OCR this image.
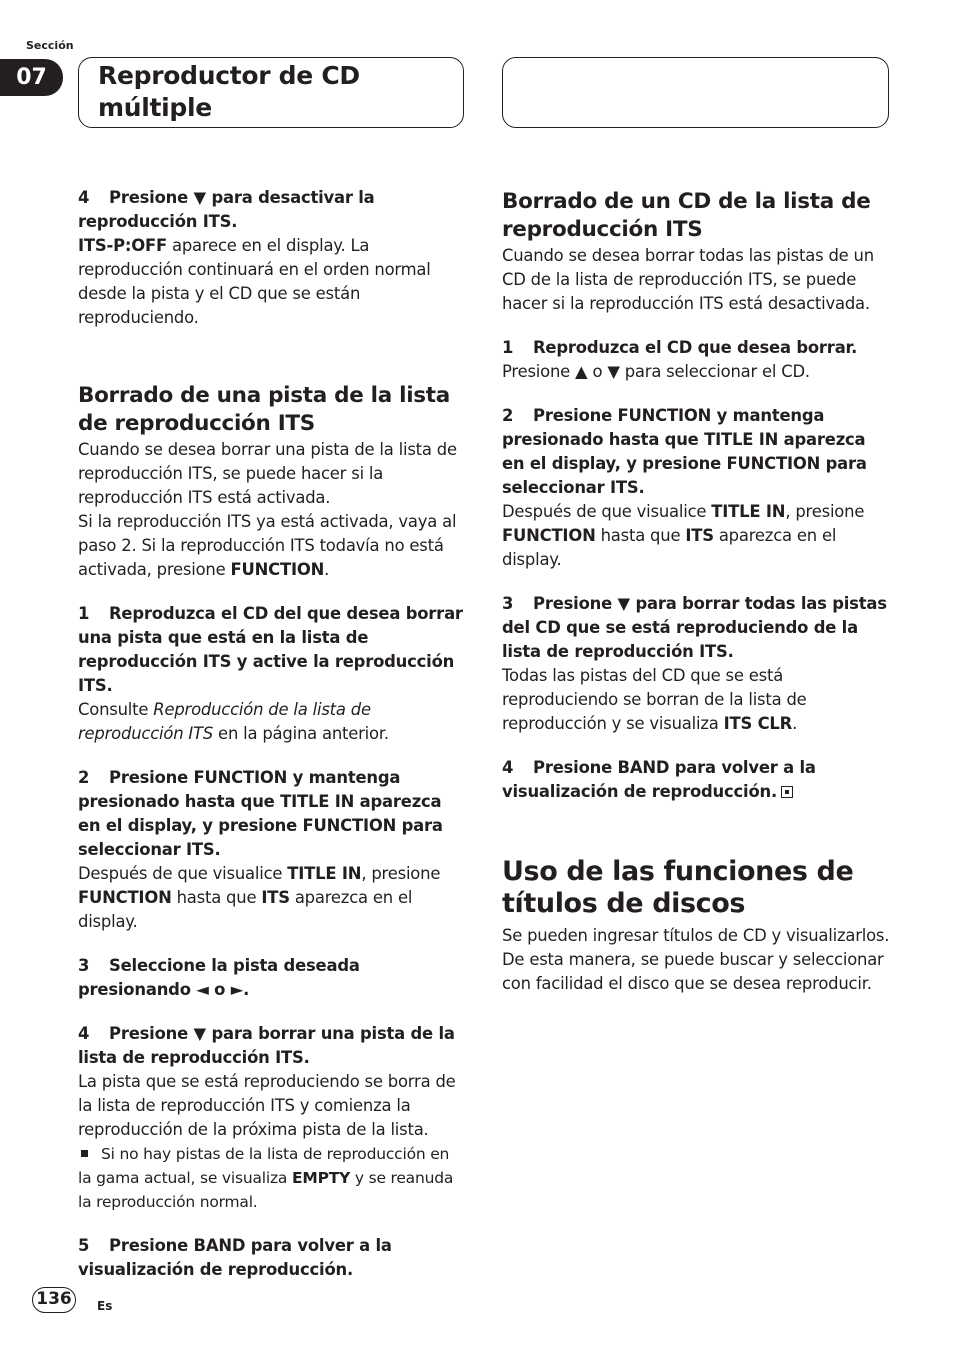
Sección
07	Reproductor de CD múltiple

4 Presione ▼ para desactivar la reproducción ITS.

ITS-P:OFF aparece en el display. La reproducción continuará en el orden normal desde la pista y el CD que se están reproduciendo.

Borrado de una pista de la lista de reproducción ITS

Cuando se desea borrar una pista de la lista de reproducción ITS, se puede hacer si la reproducción ITS está activada.

Si la reproducción ITS ya está activada, vaya al paso 2. Si la reproducción ITS todavía no está activada, presione FUNCTION.

1 Reproduzca el CD del que desea borrar una pista que está en la lista de reproducción ITS y active la reproducción ITS.

Consulte Reproducción de la lista de reproducción ITS en la página anterior.

2 Presione FUNCTION y mantenga presionado hasta que TITLE IN aparezca en el display, y presione FUNCTION para seleccionar ITS.

Después de que visualice TITLE IN, presione FUNCTION hasta que ITS aparezca en el display.

3 Seleccione la pista deseada presionando ◄ o ►.

4 Presione ▼ para borrar una pista de la lista de reproducción ITS.

La pista que se está reproduciendo se borra de la lista de reproducción ITS y comienza la reproducción de la próxima pista de la lista.

Si no hay pistas de la lista de reproducción en la gama actual, se visualiza EMPTY y se reanuda la reproducción normal.

5 Presione BAND para volver a la visualización de reproducción.

Borrado de un CD de la lista de reproducción ITS

Cuando se desea borrar todas las pistas de un CD de la lista de reproducción ITS, se puede hacer si la reproducción ITS está desactivada.

1 Reproduzca el CD que desea borrar.

Presione ▲ o ▼ para seleccionar el CD.

2 Presione FUNCTION y mantenga presionado hasta que TITLE IN aparezca en el display, y presione FUNCTION para seleccionar ITS.

Después de que visualice TITLE IN, presione FUNCTION hasta que ITS aparezca en el display.

3 Presione ▼ para borrar todas las pistas del CD que se está reproduciendo de la lista de reproducción ITS.

Todas las pistas del CD que se está reproduciendo se borran de la lista de reproducción y se visualiza ITS CLR.

4 Presione BAND para volver a la visualización de reproducción.

Uso de las funciones de títulos de discos

Se pueden ingresar títulos de CD y visualizarlos. De esta manera, se puede buscar y seleccionar con facilidad el disco que se desea reproducir.

136	Es
